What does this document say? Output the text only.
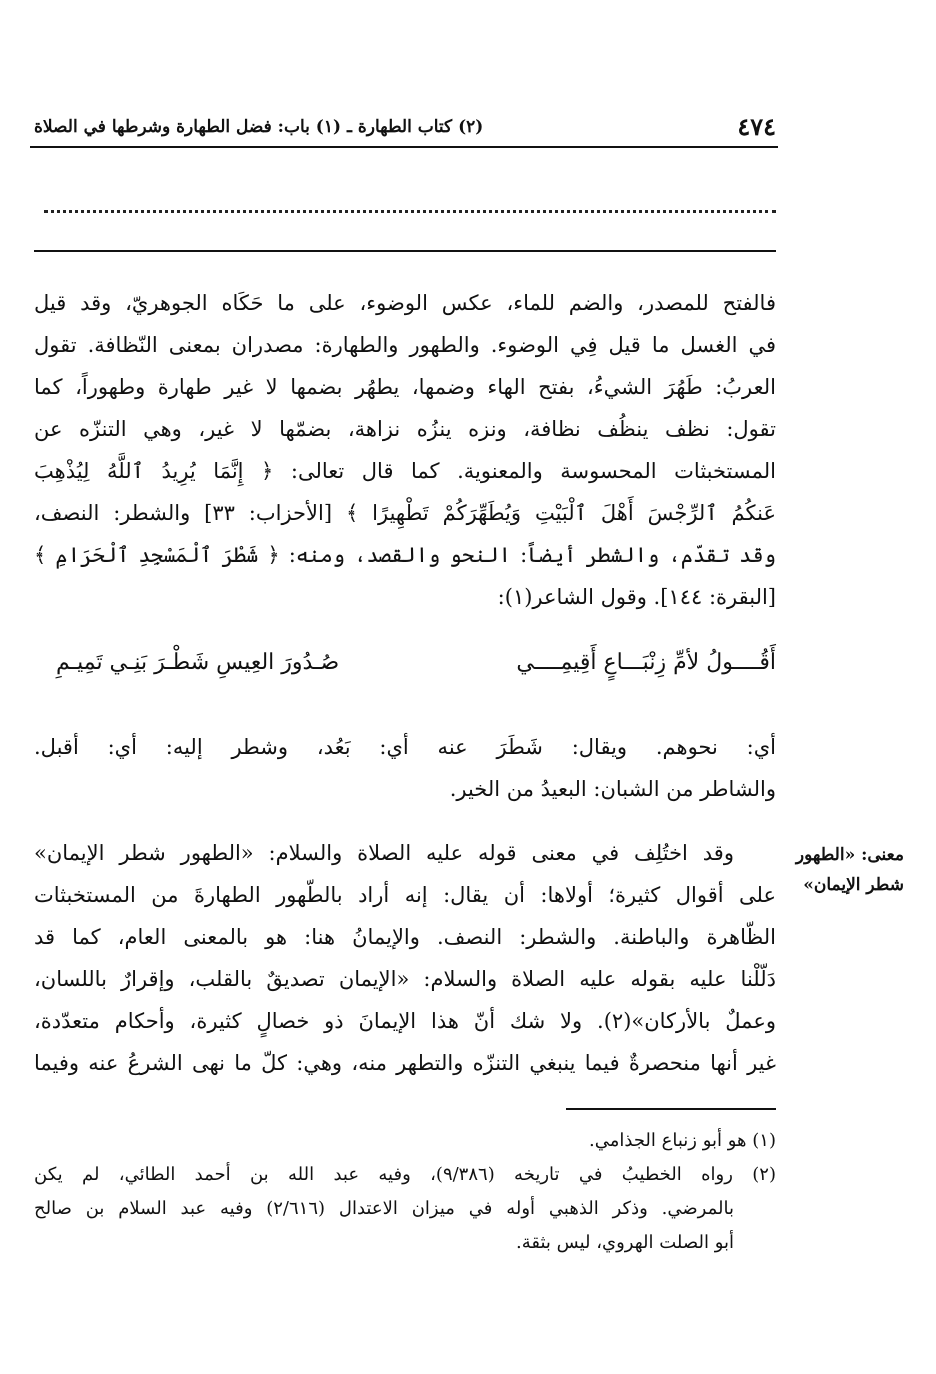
٤٧٤
(٢) كتاب الطهارة ـ (١) باب: فضل الطهارة وشرطها في الصلاة
فالفتح للمصدر، والضم للماء، عكس الوضوء، على ما حَكَاه الجوهريّ، وقد قيل
في الغسل ما قيل فِي الوضوء. والطهور والطهارة: مصدران بمعنى النّظافة. تقول
العربُ: طَهُرَ الشيءُ، بفتح الهاء وضمها، يطهُر بضمها لا غير طهارة وطهوراً، كما
تقول: نظف ينظُف نظافة، ونزه ينزُه نزاهة، بضمّها لا غير، وهي التنزّه عن
المستخبثات المحسوسة والمعنوية. كما قال تعالى: ﴿ إِنَّمَا يُرِيدُ ٱللَّهُ لِيُذْهِبَ
عَنكُمُ ٱلرِّجْسَ أَهْلَ ٱلْبَيْتِ وَيُطَهِّرَكُمْ تَطْهِيرًا ﴾ [الأحزاب: ٣٣] والشطر: النصف،
وقد تقدّم، والشطر أيضاً: النحو والقصد، ومنه: ﴿ شَطْرَ ٱلْمَسْجِدِ ٱلْحَرَامِ ﴾
[البقرة: ١٤٤]. وقول الشاعر(١):
أَقُــــولُ لأمِّ زِنْبَـــاعٍ أَقِيمِــــي
صُـدُورَ العِيسِ شَطْـرَ بَنِـي تَمِيـمِ
أي: نحوهم. ويقال: شَطَرَ عنه أي: بَعُد، وشطر إليه: أي: أقبل.
والشاطر من الشبان: البعيدُ من الخير.
معنى: «الطهور
شطر الإيمان»
وقد اختُلِف في معنى قوله عليه الصلاة والسلام: «الطهور شطر الإيمان»
على أقوال كثيرة؛ أولاها: أن يقال: إنه أراد بالطّهور الطهارةَ من المستخبثات
الظّاهرة والباطنة. والشطر: النصف. والإيمانُ هنا: هو بالمعنى العام، كما قد
دَلّلْنا عليه بقوله عليه الصلاة والسلام: «الإيمان تصديقٌ بالقلب، وإقرارٌ باللسان،
وعملٌ بالأركان»(٢). ولا شك أنّ هذا الإيمانَ ذو خصالٍ كثيرة، وأحكام متعدّدة،
غير أنها منحصرةٌ فيما ينبغي التنزّه والتطهر منه، وهي: كلّ ما نهى الشرعُ عنه وفيما
(١) هو أبو زنباع الجذامي.
(٢) رواه الخطيبُ في تاريخه (٩/٣٨٦)، وفيه عبد الله بن أحمد الطائي، لم يكن
بالمرضي. وذكر الذهبي أوله في ميزان الاعتدال (٢/٦١٦) وفيه عبد السلام بن صالح
أبو الصلت الهروي، ليس بثقة.
